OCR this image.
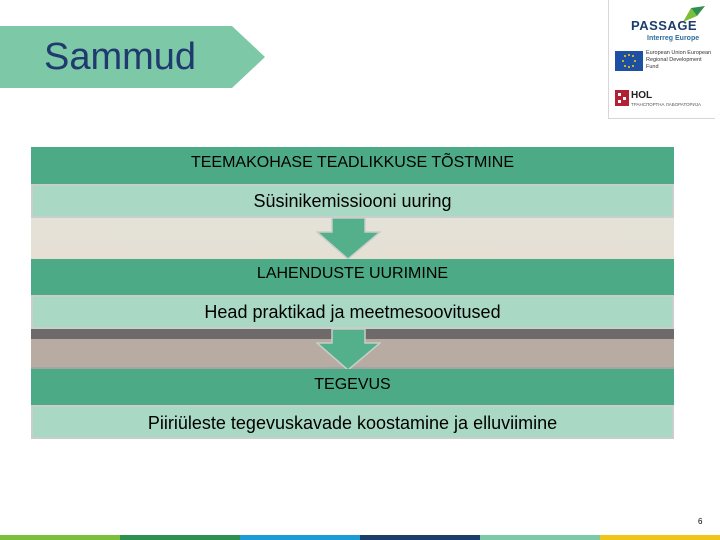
Sammud
PASSAGE
Interreg Europe
European Union European Regional Development Fund
HOL
ТРАНСПОРТНА ЛАБОРАТОРИЈА
TEEMAKOHASE TEADLIKKUSE TÕSTMINE
Süsinikemissiooni uuring
LAHENDUSTE UURIMINE
Head praktikad ja meetmesoovitused
TEGEVUS
Piiriüleste tegevuskavade koostamine ja elluviimine
6
